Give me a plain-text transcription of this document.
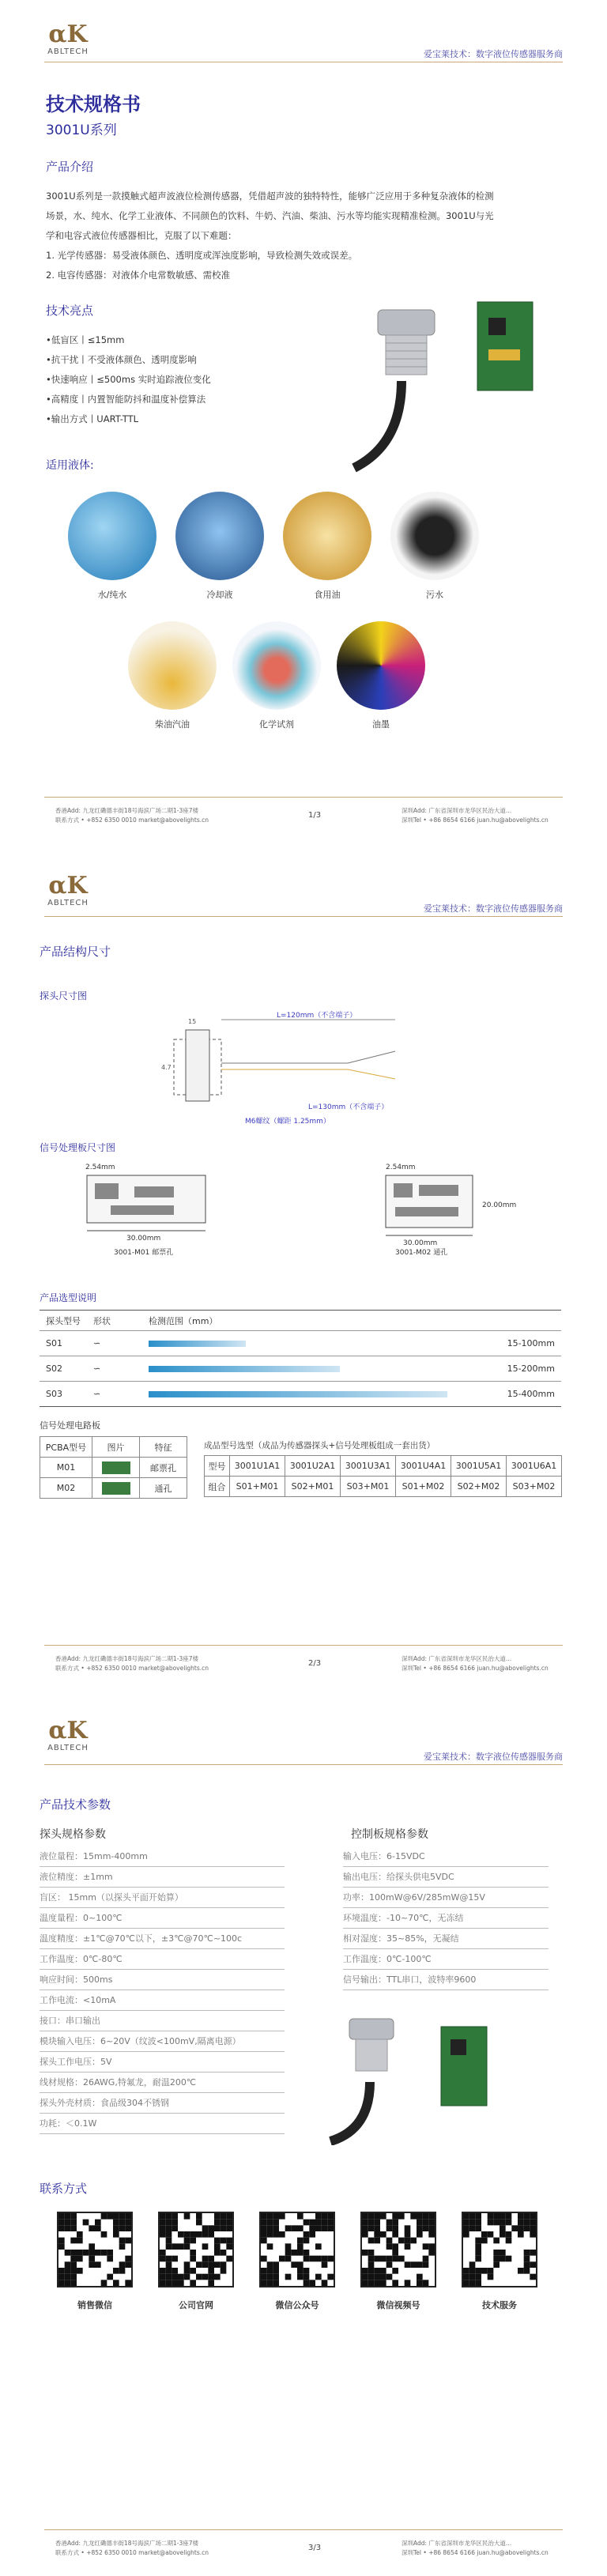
αK
ABLTECH	爱宝莱技术：数字液位传感器服务商
技术规格书
3001U系列
产品介绍
3001U系列是一款摸触式超声波液位检测传感器，凭借超声波的独特特性，能够广泛应用于多种复杂液体的检测
场景，水、纯水、化学工业液体、不同颜色的饮料、牛奶、汽油、柴油、污水等均能实现精准检测。3001U与光
学和电容式液位传感器相比，克服了以下难题：
1. 光学传感器：易受液体颜色、透明度或浑浊度影响，导致检测失效或误差。
2. 电容传感器：对液体介电常数敏感、需校准
技术亮点
•低盲区丨≤15mm
•抗干扰丨不受液体颜色、透明度影响
•快速响应丨≤500ms 实时追踪液位变化
•高精度丨内置智能防抖和温度补偿算法
•输出方式丨UART-TTL
适用液体:
水/纯水	冷却液	食用油	污水
柴油汽油	化学试剂	油墨
香港Add: 九龙红磡德丰街18号海滨广场二期1-3座7楼
联系方式 • +852 6350 0010 market@abovelights.cn
1/3
深圳Add: 广东省深圳市龙华区民治大道...
深圳Tel • +86 8654 6166 juan.hu@abovelights.cn
αK
ABLTECH
爱宝莱技术：数字液位传感器服务商
产品结构尺寸
探头尺寸图
L=120mm（不含端子）
L=130mm（不含端子）
M6螺纹（螺距 1.25mm）
15
4.7
信号处理板尺寸图
2.54mm
30.00mm
3001-M01 邮票孔
2.54mm
30.00mm
20.00mm
3001-M02 通孔
产品选型说明
探头型号	形状	检测范围（mm）
S01	∽	15-100mm

S02	∽	15-200mm

S03	∽	15-400mm
信号处理电路板
PCBA型号	图片	特征
M01		邮票孔
M02		通孔
成品型号选型（成品为传感器探头+信号处理板组成一套出货）
型号	3001U1A1	3001U2A1	3001U3A1	3001U4A1	3001U5A1	3001U6A1
组合	S01+M01	S02+M01	S03+M01	S01+M02	S02+M02	S03+M02
香港Add: 九龙红磡德丰街18号海滨广场二期1-3座7楼
联系方式 • +852 6350 0010 market@abovelights.cn
2/3
深圳Add: 广东省深圳市龙华区民治大道...
深圳Tel • +86 8654 6166 juan.hu@abovelights.cn
αK
ABLTECH
爱宝莱技术：数字液位传感器服务商
产品技术参数
探头规格参数
液位量程：15mm-400mm
液位精度：±1mm
盲区： 15mm（以探头平面开始算）
温度量程：0~100℃
温度精度：±1℃@70℃以下，±3℃@70℃~100c
工作温度：0℃-80℃
响应时间：500ms
工作电流：<10mA
接口：串口输出
模块输入电压：6~20V（纹波<100mV,隔离电源）
探头工作电压：5V
线材规格：26AWG,特氟龙，耐温200℃
探头外壳材质：食品级304不锈钢
功耗：＜0.1W
控制板规格参数
输入电压：6-15VDC
输出电压：给探头供电5VDC
功率：100mW@6V/285mW@15V
环境温度：-10~70℃，无冻结
相对湿度：35~85%，无凝结
工作温度：0℃-100℃
信号输出：TTL串口，波特率9600
联系方式
销售微信	公司官网	微信公众号	微信视频号	技术服务
香港Add: 九龙红磡德丰街18号海滨广场二期1-3座7楼
联系方式 • +852 6350 0010 market@abovelights.cn
3/3
深圳Add: 广东省深圳市龙华区民治大道...
深圳Tel • +86 8654 6166 juan.hu@abovelights.cn
